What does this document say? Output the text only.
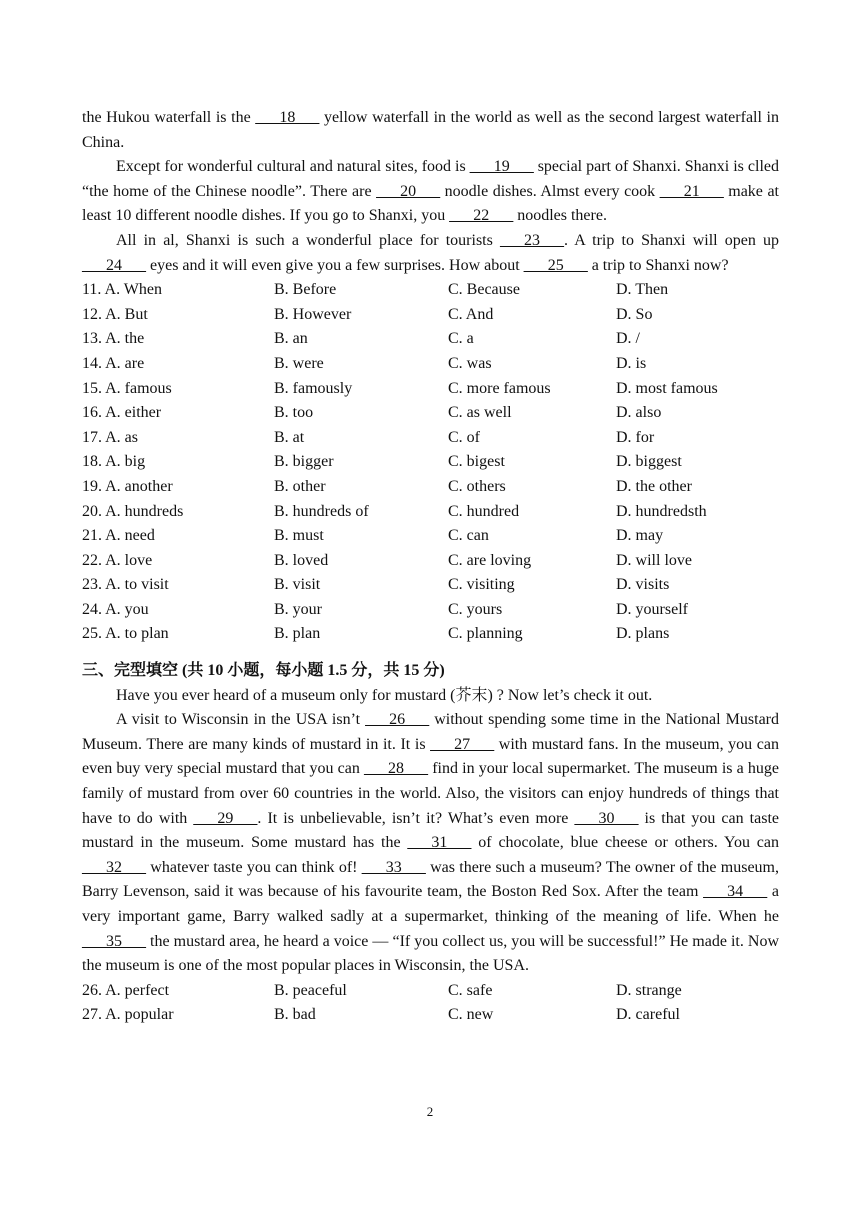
the Hukou waterfall is the ___18___ yellow waterfall in the world as well as the second largest waterfall in China.

Except for wonderful cultural and natural sites, food is ___19___ special part of Shanxi. Shanxi is clled “the home of the Chinese noodle”. There are ___20___ noodle dishes. Almst every cook ___21___ make at least 10 different noodle dishes. If you go to Shanxi, you ___22___ noodles there.

All in al, Shanxi is such a wonderful place for tourists ___23___. A trip to Shanxi will open up ___24___ eyes and it will even give you a few surprises. How about ___25___ a trip to Shanxi now?

11. A. When	B. Before	C. Because	D. Then
12. A. But	B. However	C. And	D. So
13. A. the	B. an	C. a	D. /
14. A. are	B. were	C. was	D. is
15. A. famous	B. famously	C. more famous	D. most famous
16. A. either	B. too	C. as well	D. also
17. A. as	B. at	C. of	D. for
18. A. big	B. bigger	C. bigest	D. biggest
19. A. another	B. other	C. others	D. the other
20. A. hundreds	B. hundreds of	C. hundred	D. hundredsth
21. A. need	B. must	C. can	D. may
22. A. love	B. loved	C. are loving	D. will love
23. A. to visit	B. visit	C. visiting	D. visits
24. A. you	B. your	C. yours	D. yourself
25. A. to plan	B. plan	C. planning	D. plans

三、完型填空 (共 10 小题，每小题 1.5 分，共 15 分)

Have you ever heard of a museum only for mustard (芥末) ? Now let’s check it out.

A visit to Wisconsin in the USA isn’t ___26___ without spending some time in the National Mustard Museum. There are many kinds of mustard in it. It is ___27___ with mustard fans. In the museum, you can even buy very special mustard that you can ___28___ find in your local supermarket. The museum is a huge family of mustard from over 60 countries in the world. Also, the visitors can enjoy hundreds of things that have to do with ___29___. It is unbelievable, isn’t it? What’s even more ___30___ is that you can taste mustard in the museum. Some mustard has the ___31___ of chocolate, blue cheese or others. You can ___32___ whatever taste you can think of! ___33___ was there such a museum? The owner of the museum, Barry Levenson, said it was because of his favourite team, the Boston Red Sox. After the team ___34___ a very important game, Barry walked sadly at a supermarket, thinking of the meaning of life. When he ___35___ the mustard area, he heard a voice — “If you collect us, you will be successful!” He made it. Now the museum is one of the most popular places in Wisconsin, the USA.

26. A. perfect	B. peaceful	C. safe	D. strange
27. A. popular	B. bad	C. new	D. careful
2
